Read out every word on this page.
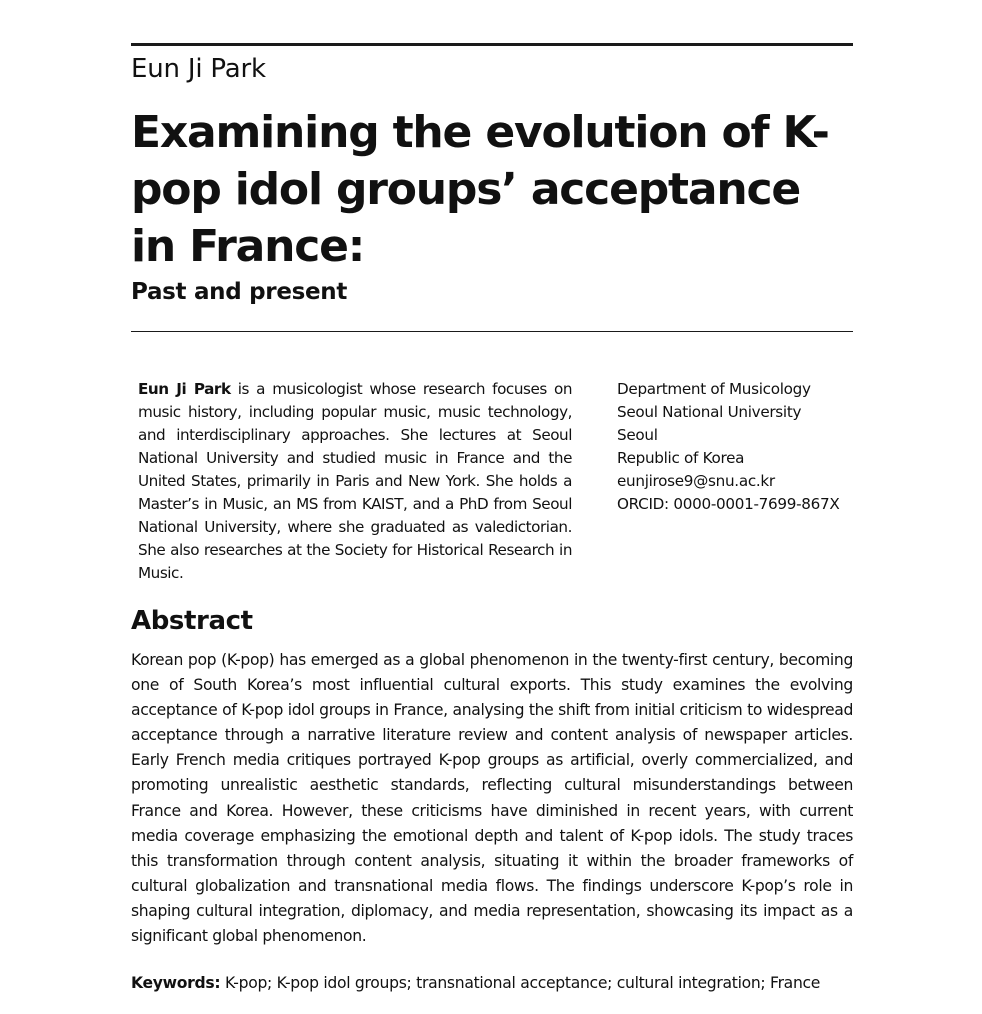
Eun Ji Park
Examining the evolution of K-pop idol groups’ acceptance in France:
Past and present

Eun Ji Park is a musicologist whose research focuses on music history, including popular music, music technology, and interdisciplinary approaches. She lectures at Seoul National University and studied music in France and the United States, primarily in Paris and New York. She holds a Master’s in Music, an MS from KAIST, and a PhD from Seoul National University, where she graduated as valedictorian. She also researches at the Society for Historical Research in Music.

Department of Musicology
Seoul National University
Seoul
Republic of Korea
eunjirose9@snu.ac.kr
ORCID: 0000-0001-7699-867X
Abstract

Korean pop (K-pop) has emerged as a global phenomenon in the twenty-first century, becoming one of South Korea’s most influential cultural exports. This study examines the evolving acceptance of K-pop idol groups in France, analysing the shift from initial criticism to widespread acceptance through a narrative literature review and content analysis of newspaper articles. Early French media critiques portrayed K-pop groups as artificial, overly commercialized, and promoting unrealistic aesthetic standards, reflecting cultural misunderstandings between France and Korea. However, these criticisms have diminished in recent years, with current media coverage emphasizing the emotional depth and talent of K-pop idols. The study traces this transformation through content analysis, situating it within the broader frameworks of cultural globalization and transnational media flows. The findings underscore K-pop’s role in shaping cultural integration, diplomacy, and media representation, showcasing its impact as a significant global phenomenon.

Keywords: K-pop; K-pop idol groups; transnational acceptance; cultural integration; France
